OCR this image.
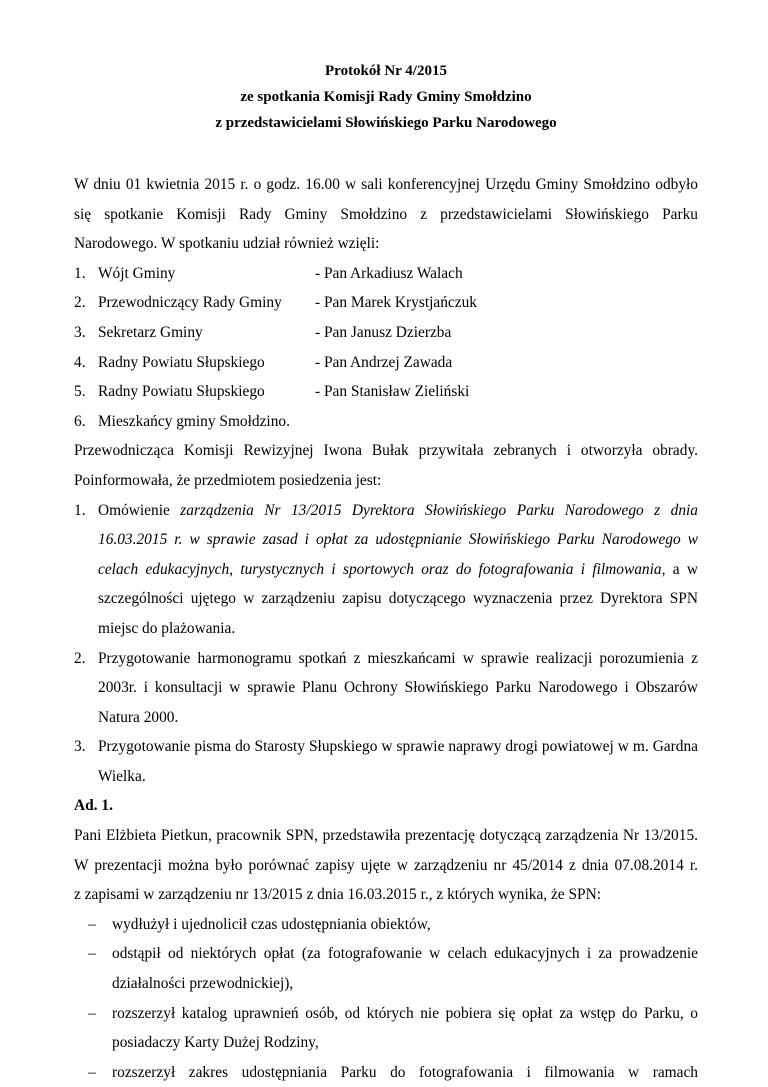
Protokół Nr 4/2015
ze spotkania Komisji Rady Gminy Smołdzino
z przedstawicielami Słowińskiego Parku Narodowego

W dniu 01 kwietnia 2015 r. o godz. 16.00 w sali konferencyjnej Urzędu Gminy Smołdzino odbyło

się spotkanie Komisji Rady Gminy Smołdzino z przedstawicielami Słowińskiego Parku

Narodowego. W spotkaniu udział również wzięli:

1. Wójt Gminy	- Pan Arkadiusz Walach
2. Przewodniczący Rady Gminy	- Pan Marek Krystjańczuk
3. Sekretarz Gminy	- Pan Janusz Dzierzba
4. Radny Powiatu Słupskiego	- Pan Andrzej Zawada
5. Radny Powiatu Słupskiego	- Pan Stanisław Zieliński
6. Mieszkańcy gminy Smołdzino.

Przewodnicząca Komisji Rewizyjnej Iwona Bułak przywitała zebranych i otworzyła obrady.

Poinformowała, że przedmiotem posiedzenia jest:

1. Omówienie zarządzenia Nr 13/2015 Dyrektora Słowińskiego Parku Narodowego z dnia 16.03.2015 r. w sprawie zasad i opłat za udostępnianie Słowińskiego Parku Narodowego w celach edukacyjnych, turystycznych i sportowych oraz do fotografowania i filmowania, a w szczególności ujętego w zarządzeniu zapisu dotyczącego wyznaczenia przez Dyrektora SPN miejsc do plażowania.
2. Przygotowanie harmonogramu spotkań z mieszkańcami w sprawie realizacji porozumienia z 2003r. i konsultacji w sprawie Planu Ochrony Słowińskiego Parku Narodowego i Obszarów Natura 2000.
3. Przygotowanie pisma do Starosty Słupskiego w sprawie naprawy drogi powiatowej w m. Gardna Wielka.
Ad. 1.

Pani Elżbieta Pietkun, pracownik SPN, przedstawiła prezentację dotyczącą zarządzenia Nr 13/2015.

W prezentacji można było porównać zapisy ujęte w zarządzeniu nr 45/2014 z dnia 07.08.2014 r.

z zapisami w zarządzeniu nr 13/2015 z dnia 16.03.2015 r., z których wynika, że SPN:

–	wydłużył i ujednolicił czas udostępniania obiektów,
–	odstąpił od niektórych opłat (za fotografowanie w celach edukacyjnych i za prowadzenie działalności przewodnickiej),
–	rozszerzył katalog uprawnień osób, od których nie pobiera się opłat za wstęp do Parku, o posiadaczy Karty Dużej Rodziny,
–	rozszerzył zakres udostępniania Parku do fotografowania i filmowania w ramach
